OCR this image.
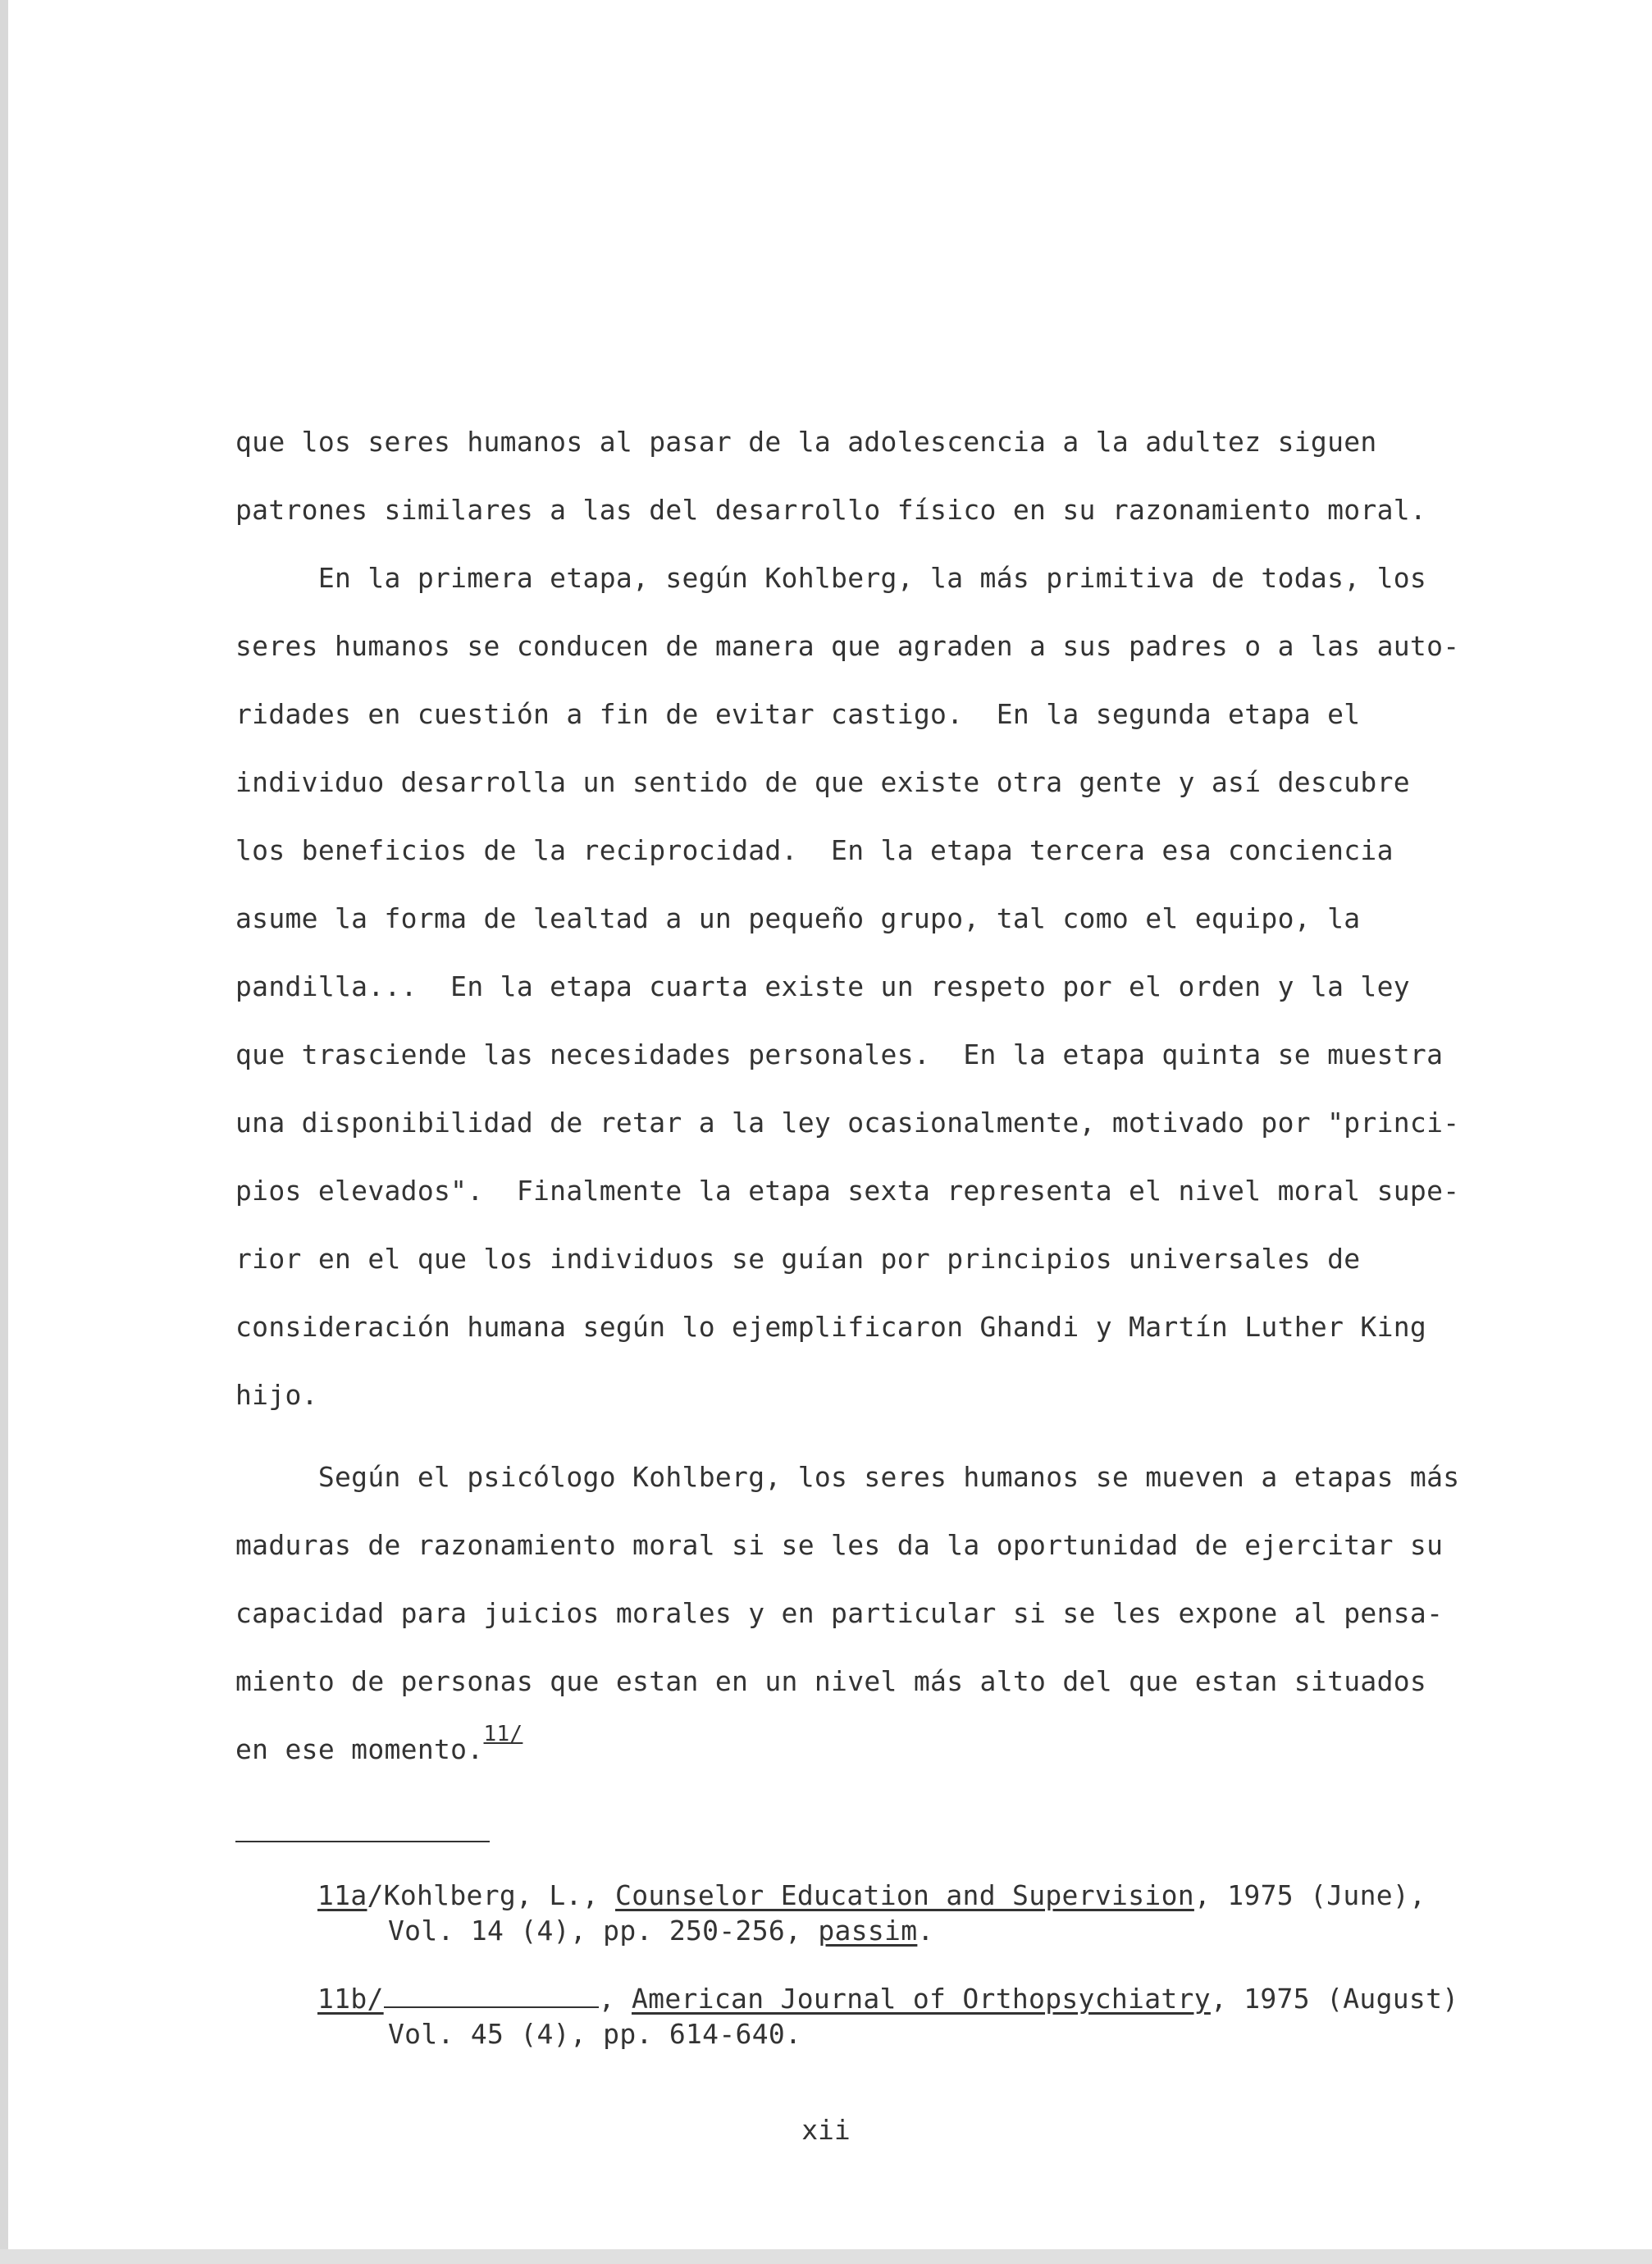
que los seres humanos al pasar de la adolescencia a la adultez siguen
patrones similares a las del desarrollo físico en su razonamiento moral.
En la primera etapa, según Kohlberg, la más primitiva de todas, los
seres humanos se conducen de manera que agraden a sus padres o a las auto-
ridades en cuestión a fin de evitar castigo.  En la segunda etapa el
individuo desarrolla un sentido de que existe otra gente y así descubre
los beneficios de la reciprocidad.  En la etapa tercera esa conciencia
asume la forma de lealtad a un pequeño grupo, tal como el equipo, la
pandilla...  En la etapa cuarta existe un respeto por el orden y la ley
que trasciende las necesidades personales.  En la etapa quinta se muestra
una disponibilidad de retar a la ley ocasionalmente, motivado por "princi-
pios elevados".  Finalmente la etapa sexta representa el nivel moral supe-
rior en el que los individuos se guían por principios universales de
consideración humana según lo ejemplificaron Ghandi y Martín Luther King
hijo.
Según el psicólogo Kohlberg, los seres humanos se mueven a etapas más
maduras de razonamiento moral si se les da la oportunidad de ejercitar su
capacidad para juicios morales y en particular si se les expone al pensa-
miento de personas que estan en un nivel más alto del que estan situados
en ese momento.$^{11/}$
11a/Kohlberg, L., Counselor Education and Supervision, 1975 (June),
Vol. 14 (4), pp. 250-256, passim.
11b/	, American Journal of Orthopsychiatry, 1975 (August)
Vol. 45 (4), pp. 614-640.
xii
